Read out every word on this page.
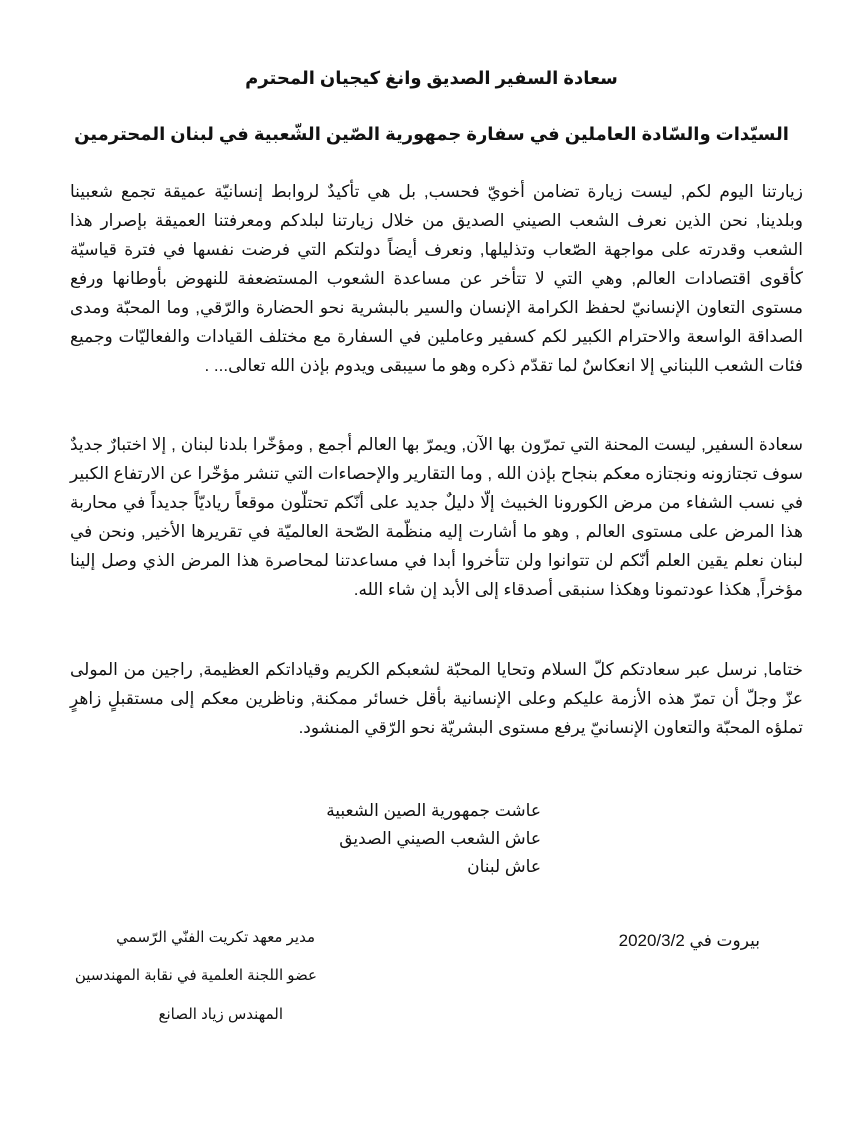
سعادة السفير الصديق وانغ كيجيان المحترم
السيّدات والسّادة العاملين في سفارة جمهورية الصّين الشّعبية في لبنان المحترمين

زيارتنا اليوم لكم, ليست زيارة تضامن أخويّ فحسب, بل هي تأكيدٌ لروابط إنسانيّة عميقة تجمع شعبينا وبلدينا, نحن الذين نعرف الشعب الصيني الصديق من خلال زيارتنا لبلدكم ومعرفتنا العميقة بإصرار هذا الشعب وقدرته على مواجهة الصّعاب وتذليلها, ونعرف أيضاً دولتكم التي فرضت نفسها في فترة قياسيّة كأقوى اقتصادات العالم, وهي التي لا تتأخر عن مساعدة الشعوب المستضعفة للنهوض بأوطانها ورفع مستوى التعاون الإنسانيّ لحفظ الكرامة الإنسان والسير بالبشرية نحو الحضارة والرّقي, وما المحبّة ومدى الصداقة الواسعة والاحترام الكبير لكم كسفير وعاملين في السفارة مع مختلف القيادات والفعاليّات وجميع فئات الشعب اللبناني إلا انعكاسٌ لما تقدّم ذكره وهو ما سيبقى ويدوم بإذن الله تعالى... .

سعادة السفير, ليست المحنة التي تمرّون بها الآن, ويمرّ بها العالم أجمع , ومؤخّرا بلدنا لبنان , إلا اختبارٌ جديدٌ سوف تجتازونه ونجتازه معكم بنجاح بإذن الله , وما التقارير والإحصاءات التي تنشر مؤخّرا عن الارتفاع الكبير في نسب الشفاء من مرض الكورونا الخبيث إلّا دليلٌ جديد على أنّكم تحتلّون موقعاً رياديّاً جديداً في محاربة هذا المرض على مستوى العالم , وهو ما أشارت إليه منظّمة الصّحة العالميّة في تقريرها الأخير, ونحن في لبنان نعلم يقين العلم أنّكم لن تتوانوا ولن تتأخروا أبدا في مساعدتنا لمحاصرة هذا المرض الذي وصل إلينا مؤخراً, هكذا عودتمونا وهكذا سنبقى أصدقاء إلى الأبد إن شاء الله.

ختاما, نرسل عبر سعادتكم كلّ السلام وتحايا المحبّة لشعبكم الكريم وقياداتكم العظيمة, راجين من المولى عزّ وجلّ أن تمرّ هذه الأزمة عليكم وعلى الإنسانية بأقل خسائر ممكنة, وناظرين معكم إلى مستقبلٍ زاهرٍ تملؤه المحبّة والتعاون الإنسانيّ يرفع مستوى البشريّة نحو الرّقي المنشود.

عاشت جمهورية الصين الشعبية
عاش الشعب الصيني الصديق
عاش لبنان

بيروت في 2020/3/2

مدير معهد تكريت الفنّي الرّسمي
عضو اللجنة العلمية في نقابة المهندسين
المهندس زياد الصانع
